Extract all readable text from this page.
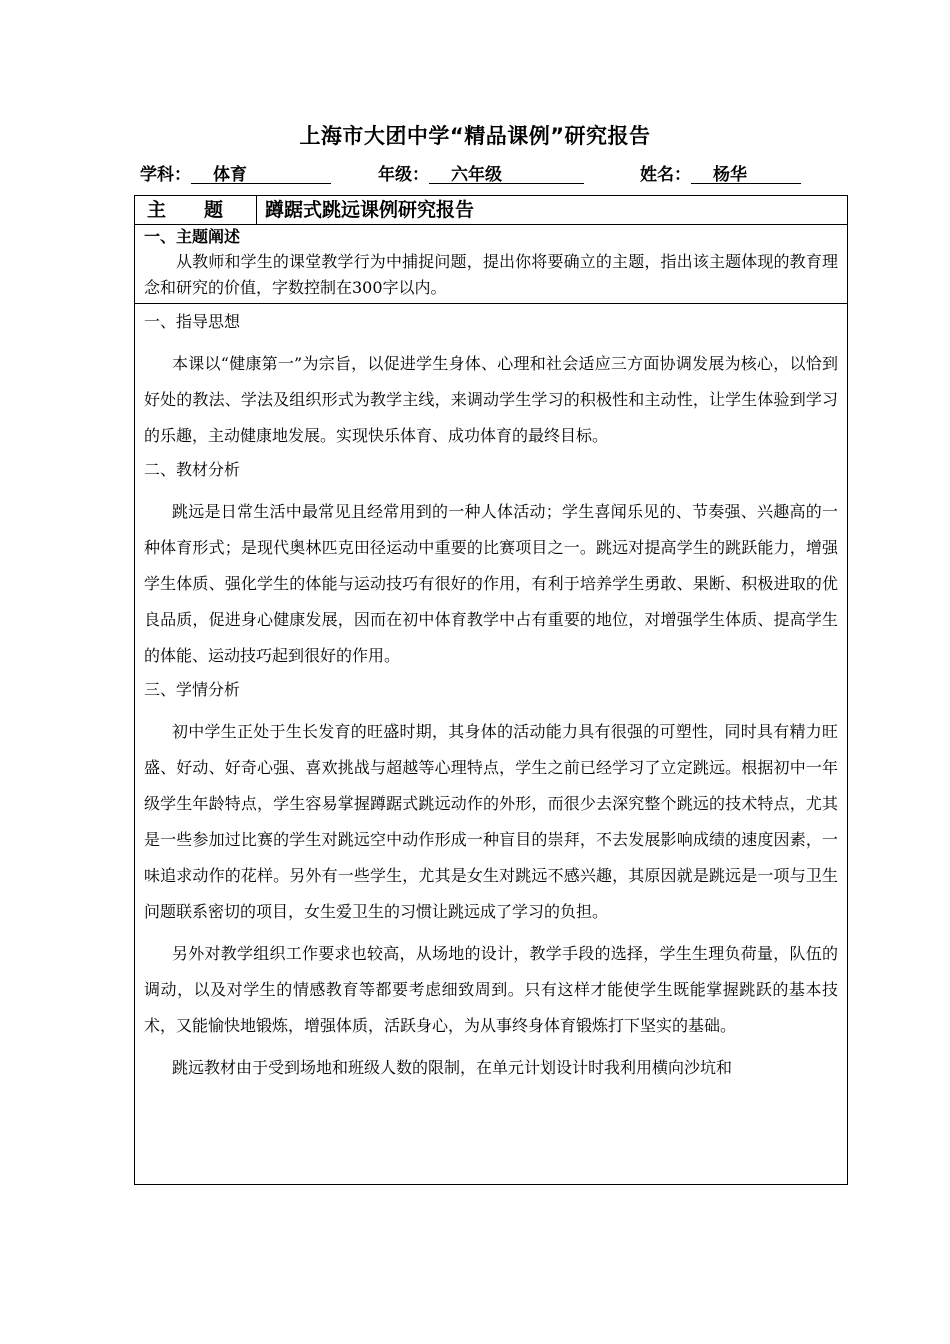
上海市大团中学“精品课例”研究报告
学科： 体育	年级： 六年级	姓名： 杨华
主　　题	蹲踞式跳远课例研究报告
一、主题阐述

从教师和学生的课堂教学行为中捕捉问题，提出你将要确立的主题，指出该主题体现的教育理念和研究的价值，字数控制在300字以内。

一、指导思想

本课以“健康第一”为宗旨，以促进学生身体、心理和社会适应三方面协调发展为核心，以恰到好处的教法、学法及组织形式为教学主线，来调动学生学习的积极性和主动性，让学生体验到学习的乐趣，主动健康地发展。实现快乐体育、成功体育的最终目标。

二、教材分析

跳远是日常生活中最常见且经常用到的一种人体活动；学生喜闻乐见的、节奏强、兴趣高的一种体育形式；是现代奥林匹克田径运动中重要的比赛项目之一。跳远对提高学生的跳跃能力，增强学生体质、强化学生的体能与运动技巧有很好的作用，有利于培养学生勇敢、果断、积极进取的优良品质，促进身心健康发展，因而在初中体育教学中占有重要的地位，对增强学生体质、提高学生的体能、运动技巧起到很好的作用。

三、学情分析

初中学生正处于生长发育的旺盛时期，其身体的活动能力具有很强的可塑性，同时具有精力旺盛、好动、好奇心强、喜欢挑战与超越等心理特点，学生之前已经学习了立定跳远。根据初中一年级学生年龄特点，学生容易掌握蹲踞式跳远动作的外形，而很少去深究整个跳远的技术特点，尤其是一些参加过比赛的学生对跳远空中动作形成一种盲目的崇拜，不去发展影响成绩的速度因素，一味追求动作的花样。另外有一些学生，尤其是女生对跳远不感兴趣，其原因就是跳远是一项与卫生问题联系密切的项目，女生爱卫生的习惯让跳远成了学习的负担。

另外对教学组织工作要求也较高，从场地的设计，教学手段的选择，学生生理负荷量，队伍的调动，以及对学生的情感教育等都要考虑细致周到。只有这样才能使学生既能掌握跳跃的基本技术，又能愉快地锻炼，增强体质，活跃身心，为从事终身体育锻炼打下坚实的基础。

跳远教材由于受到场地和班级人数的限制，在单元计划设计时我利用横向沙坑和
